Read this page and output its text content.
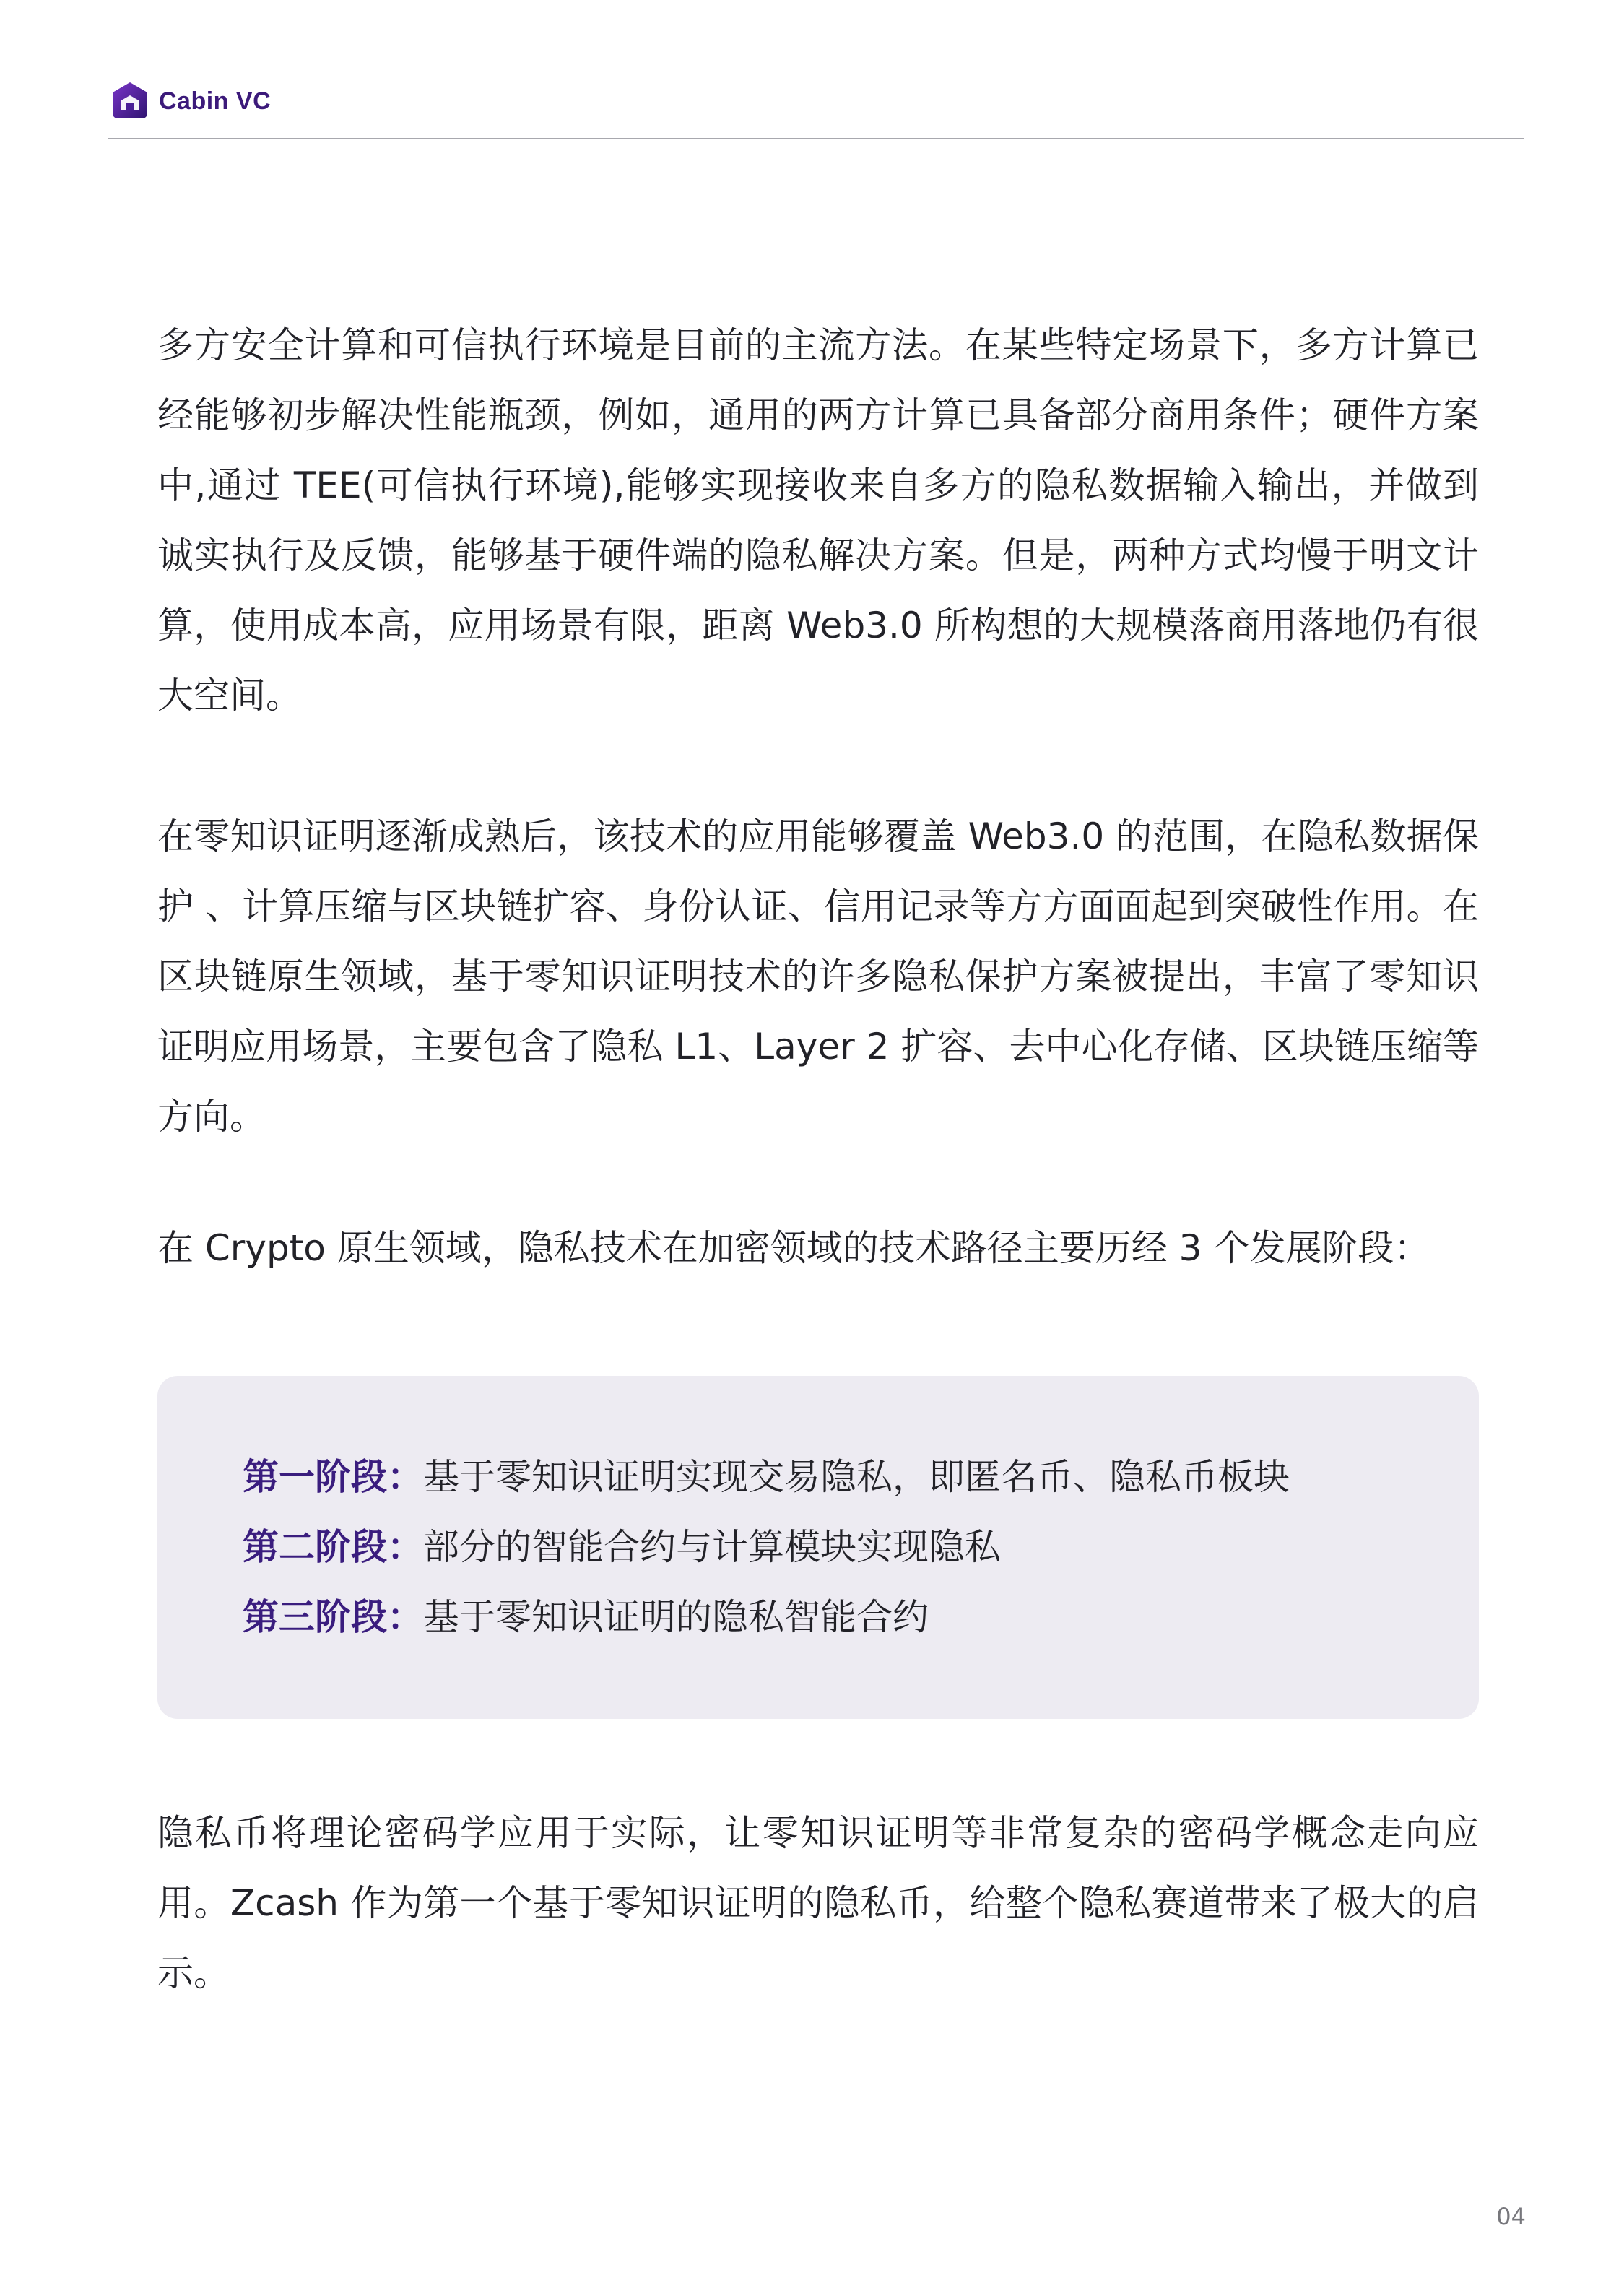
Cabin VC

多方安全计算和可信执行环境是目前的主流方法。在某些特定场景下，多方计算已经能够初步解决性能瓶颈，例如，通用的两方计算已具备部分商用条件；硬件方案中,通过 TEE(可信执行环境),能够实现接收来自多方的隐私数据输入输出，并做到诚实执行及反馈，能够基于硬件端的隐私解决方案。但是，两种方式均慢于明文计算，使用成本高，应用场景有限，距离 Web3.0 所构想的大规模落商用落地仍有很大空间。

在零知识证明逐渐成熟后，该技术的应用能够覆盖 Web3.0 的范围，在隐私数据保护 、计算压缩与区块链扩容、身份认证、信用记录等方方面面起到突破性作用。在区块链原生领域，基于零知识证明技术的许多隐私保护方案被提出，丰富了零知识证明应用场景，主要包含了隐私 L1、Layer 2 扩容、去中心化存储、区块链压缩等方向。

在 Crypto 原生领域，隐私技术在加密领域的技术路径主要历经 3 个发展阶段：

第一阶段：基于零知识证明实现交易隐私，即匿名币、隐私币板块
第二阶段：部分的智能合约与计算模块实现隐私
第三阶段：基于零知识证明的隐私智能合约

隐私币将理论密码学应用于实际，让零知识证明等非常复杂的密码学概念走向应用。Zcash 作为第一个基于零知识证明的隐私币，给整个隐私赛道带来了极大的启示。

04
